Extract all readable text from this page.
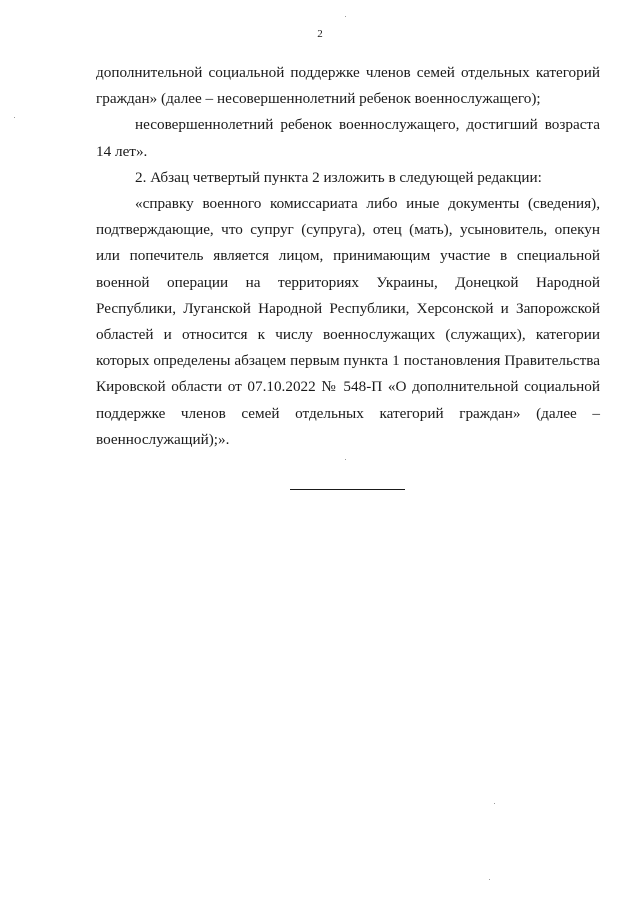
2

дополнительной социальной поддержке членов семей отдельных категорий граждан» (далее – несовершеннолетний ребенок военнослужащего);

несовершеннолетний ребенок военнослужащего, достигший возраста 14 лет».

2. Абзац четвертый пункта 2 изложить в следующей редакции:

«справку военного комиссариата либо иные документы (сведения), подтверждающие, что супруг (супруга), отец (мать), усыновитель, опекун или попечитель является лицом, принимающим участие в специальной военной операции на территориях Украины, Донецкой Народной Республики, Луганской Народной Республики, Херсонской и Запорожской областей и относится к числу военнослужащих (служащих), категории которых определены абзацем первым пункта 1 постановления Правительства Кировской области от 07.10.2022 № 548-П «О дополнительной социальной поддержке членов семей отдельных категорий граждан» (далее – военнослужащий);».
